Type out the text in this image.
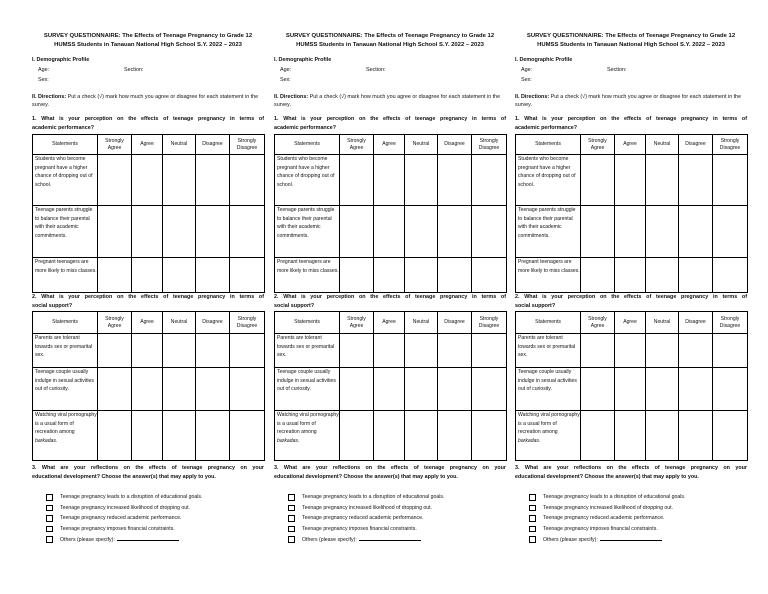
SURVEY QUESTIONNAIRE: The Effects of Teenage Pregnancy to Grade 12
HUMSS Students in Tanauan National High School S.Y. 2022 – 2023
I. Demographic Profile
Age:	Section:
Sex:
II. Directions: Put a check (√) mark how much you agree or disagree for each statement in the survey.
1. What is your perception on the effects of teenage pregnancy in terms of
academic performance?
Statements	Strongly Agree	Agree	Neutral	Disagree	Strongly Disagree
Students who become pregnant have a higher chance of dropping out of school.					
Teenage parents struggle to balance their parental with their academic commitments.					
Pregnant teenagers are more likely to miss classes.					
2. What is your perception on the effects of teenage pregnancy in terms of
social support?
Statements	Strongly Agree	Agree	Neutral	Disagree	Strongly Disagree
Parents are tolerant towards sex or premarital sex.					
Teenage couple usually indulge in sexual activities out of curiosity.					
Watching viral pornography is a usual form of recreation among barkadas.					
3. What are your reflections on the effects of teenage pregnancy on your
educational development? Choose the answer(s) that may apply to you.
Teenage pregnancy leads to a disruption of educational goals.
Teenage pregnancy increased likelihood of dropping out.
Teenage pregnancy reduced academic performance.
Teenage pregnancy imposes financial constraints.
Others (please specify):
SURVEY QUESTIONNAIRE: The Effects of Teenage Pregnancy to Grade 12
HUMSS Students in Tanauan National High School S.Y. 2022 – 2023
I. Demographic Profile
Age:	Section:
Sex:
II. Directions: Put a check (√) mark how much you agree or disagree for each statement in the survey.
1. What is your perception on the effects of teenage pregnancy in terms of
academic performance?
Statements	Strongly Agree	Agree	Neutral	Disagree	Strongly Disagree
Students who become pregnant have a higher chance of dropping out of school.					
Teenage parents struggle to balance their parental with their academic commitments.					
Pregnant teenagers are more likely to miss classes.					
2. What is your perception on the effects of teenage pregnancy in terms of
social support?
Statements	Strongly Agree	Agree	Neutral	Disagree	Strongly Disagree
Parents are tolerant towards sex or premarital sex.					
Teenage couple usually indulge in sexual activities out of curiosity.					
Watching viral pornography is a usual form of recreation among barkadas.					
3. What are your reflections on the effects of teenage pregnancy on your
educational development? Choose the answer(s) that may apply to you.
Teenage pregnancy leads to a disruption of educational goals.
Teenage pregnancy increased likelihood of dropping out.
Teenage pregnancy reduced academic performance.
Teenage pregnancy imposes financial constraints.
Others (please specify):
SURVEY QUESTIONNAIRE: The Effects of Teenage Pregnancy to Grade 12
HUMSS Students in Tanauan National High School S.Y. 2022 – 2023
I. Demographic Profile
Age:	Section:
Sex:
II. Directions: Put a check (√) mark how much you agree or disagree for each statement in the survey.
1. What is your perception on the effects of teenage pregnancy in terms of
academic performance?
Statements	Strongly Agree	Agree	Neutral	Disagree	Strongly Disagree
Students who become pregnant have a higher chance of dropping out of school.					
Teenage parents struggle to balance their parental with their academic commitments.					
Pregnant teenagers are more likely to miss classes.					
2. What is your perception on the effects of teenage pregnancy in terms of
social support?
Statements	Strongly Agree	Agree	Neutral	Disagree	Strongly Disagree
Parents are tolerant towards sex or premarital sex.					
Teenage couple usually indulge in sexual activities out of curiosity.					
Watching viral pornography is a usual form of recreation among barkadas.					
3. What are your reflections on the effects of teenage pregnancy on your
educational development? Choose the answer(s) that may apply to you.
Teenage pregnancy leads to a disruption of educational goals.
Teenage pregnancy increased likelihood of dropping out.
Teenage pregnancy reduced academic performance.
Teenage pregnancy imposes financial constraints.
Others (please specify):
